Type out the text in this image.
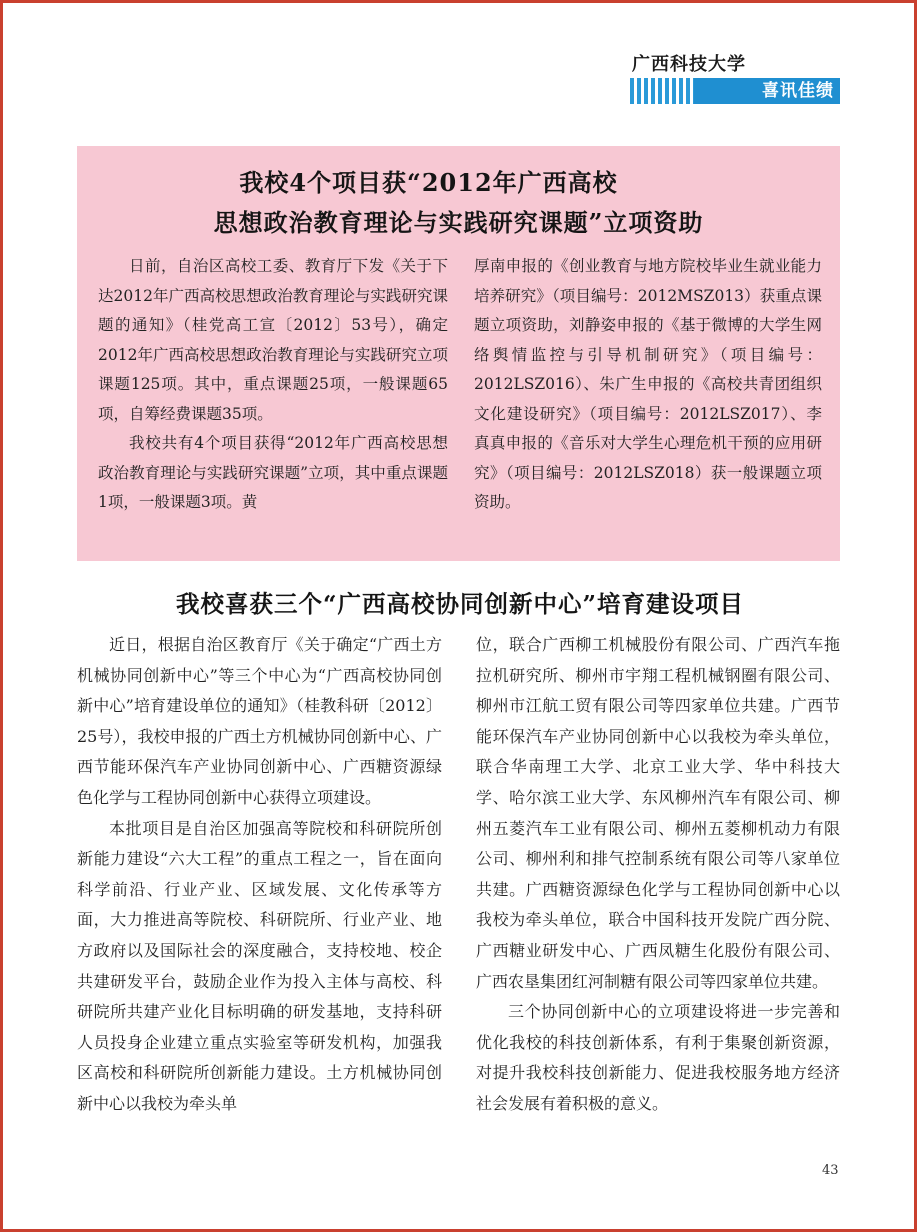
广西科技大学
喜讯佳绩
我校4个项目获“2012年广西高校
思想政治教育理论与实践研究课题”立项资助

日前，自治区高校工委、教育厅下发《关于下达2012年广西高校思想政治教育理论与实践研究课题的通知》（桂党高工宣〔2012〕53号），确定2012年广西高校思想政治教育理论与实践研究立项课题125项。其中，重点课题25项，一般课题65项，自筹经费课题35项。

我校共有4个项目获得“2012年广西高校思想政治教育理论与实践研究课题”立项，其中重点课题1项，一般课题3项。黄

厚南申报的《创业教育与地方院校毕业生就业能力培养研究》（项目编号：2012MSZ013）获重点课题立项资助，刘静姿申报的《基于微博的大学生网络舆情监控与引导机制研究》（项目编号：2012LSZ016）、朱广生申报的《高校共青团组织文化建设研究》（项目编号：2012LSZ017）、李真真申报的《音乐对大学生心理危机干预的应用研究》（项目编号：2012LSZ018）获一般课题立项资助。

我校喜获三个“广西高校协同创新中心”培育建设项目

近日，根据自治区教育厅《关于确定“广西土方机械协同创新中心”等三个中心为“广西高校协同创新中心”培育建设单位的通知》（桂教科研〔2012〕25号），我校申报的广西土方机械协同创新中心、广西节能环保汽车产业协同创新中心、广西糖资源绿色化学与工程协同创新中心获得立项建设。

本批项目是自治区加强高等院校和科研院所创新能力建设“六大工程”的重点工程之一，旨在面向科学前沿、行业产业、区域发展、文化传承等方面，大力推进高等院校、科研院所、行业产业、地方政府以及国际社会的深度融合，支持校地、校企共建研发平台，鼓励企业作为投入主体与高校、科研院所共建产业化目标明确的研发基地，支持科研人员投身企业建立重点实验室等研发机构，加强我区高校和科研院所创新能力建设。土方机械协同创新中心以我校为牵头单

位，联合广西柳工机械股份有限公司、广西汽车拖拉机研究所、柳州市宇翔工程机械钢圈有限公司、柳州市江航工贸有限公司等四家单位共建。广西节能环保汽车产业协同创新中心以我校为牵头单位，联合华南理工大学、北京工业大学、华中科技大学、哈尔滨工业大学、东风柳州汽车有限公司、柳州五菱汽车工业有限公司、柳州五菱柳机动力有限公司、柳州利和排气控制系统有限公司等八家单位共建。广西糖资源绿色化学与工程协同创新中心以我校为牵头单位，联合中国科技开发院广西分院、广西糖业研发中心、广西凤糖生化股份有限公司、广西农垦集团红河制糖有限公司等四家单位共建。

三个协同创新中心的立项建设将进一步完善和优化我校的科技创新体系，有利于集聚创新资源，对提升我校科技创新能力、促进我校服务地方经济社会发展有着积极的意义。

43
